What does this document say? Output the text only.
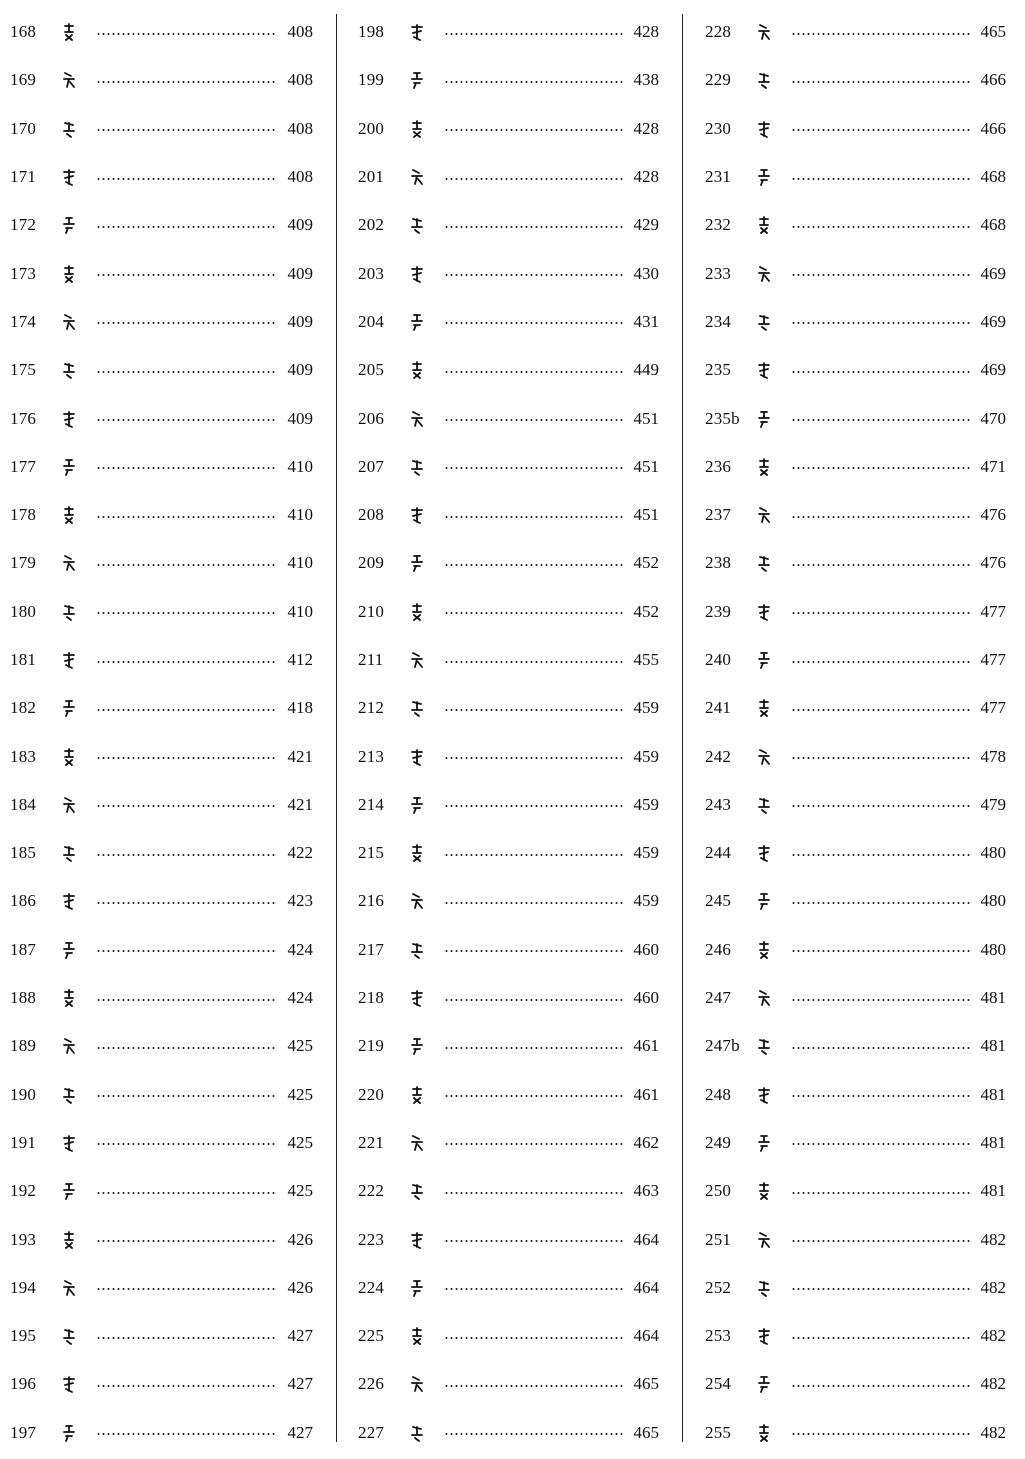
168	408
169	408
170	408
171	408
172	409
173	409
174	409
175	409
176	409
177	410
178	410
179	410
180	410
181	412
182	418
183	421
184	421
185	422
186	423
187	424
188	424
189	425
190	425
191	425
192	425
193	426
194	426
195	427
196	427
197	427
198	428
199	438
200	428
201	428
202	429
203	430
204	431
205	449
206	451
207	451
208	451
209	452
210	452
211	455
212	459
213	459
214	459
215	459
216	459
217	460
218	460
219	461
220	461
221	462
222	463
223	464
224	464
225	464
226	465
227	465
228	465
229	466
230	466
231	468
232	468
233	469
234	469
235	469
235b	470
236	471
237	476
238	476
239	477
240	477
241	477
242	478
243	479
244	480
245	480
246	480
247	481
247b	481
248	481
249	481
250	481
251	482
252	482
253	482
254	482
255	482
